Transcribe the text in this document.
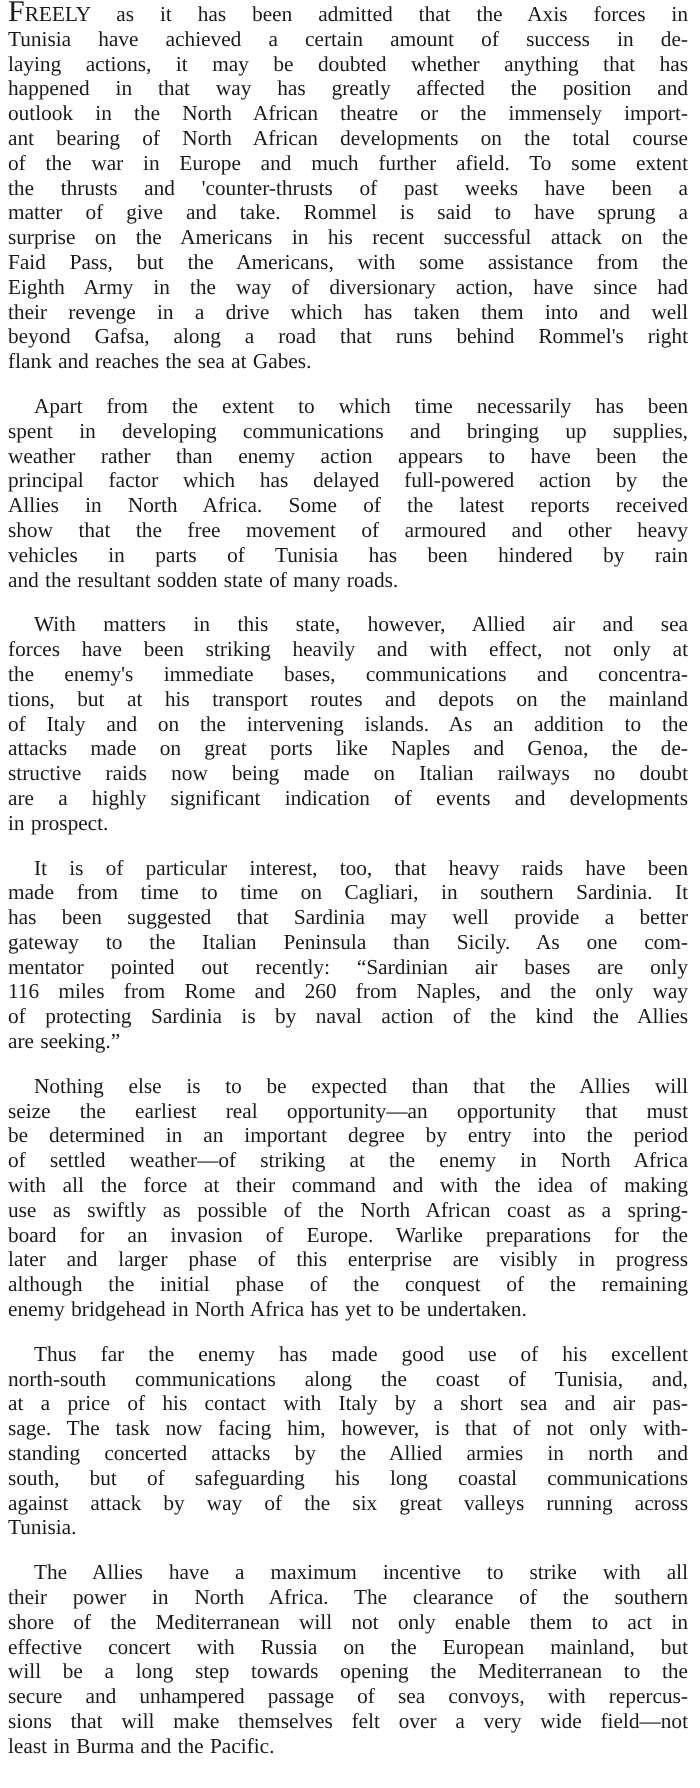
FREELY as it has been admitted that the Axis forces in
Tunisia have achieved a certain amount of success in de-
laying actions, it may be doubted whether anything that has
happened in that way has greatly affected the position and
outlook in the North African theatre or the immensely import-
ant bearing of North African developments on the total course
of the war in Europe and much further afield. To some extent
the thrusts and 'counter-thrusts of past weeks have been a
matter of give and take. Rommel is said to have sprung a
surprise on the Americans in his recent successful attack on the
Faid Pass, but the Americans, with some assistance from the
Eighth Army in the way of diversionary action, have since had
their revenge in a drive which has taken them into and well
beyond Gafsa, along a road that runs behind Rommel's right
flank and reaches the sea at Gabes.
Apart from the extent to which time necessarily has been
spent in developing communications and bringing up supplies,
weather rather than enemy action appears to have been the
principal factor which has delayed full-powered action by the
Allies in North Africa. Some of the latest reports received
show that the free movement of armoured and other heavy
vehicles in parts of Tunisia has been hindered by rain
and the resultant sodden state of many roads.
With matters in this state, however, Allied air and sea
forces have been striking heavily and with effect, not only at
the enemy's immediate bases, communications and concentra-
tions, but at his transport routes and depots on the mainland
of Italy and on the intervening islands. As an addition to the
attacks made on great ports like Naples and Genoa, the de-
structive raids now being made on Italian railways no doubt
are a highly significant indication of events and developments
in prospect.
It is of particular interest, too, that heavy raids have been
made from time to time on Cagliari, in southern Sardinia. It
has been suggested that Sardinia may well provide a better
gateway to the Italian Peninsula than Sicily. As one com-
mentator pointed out recently: “Sardinian air bases are only
116 miles from Rome and 260 from Naples, and the only way
of protecting Sardinia is by naval action of the kind the Allies
are seeking.”
Nothing else is to be expected than that the Allies will
seize the earliest real opportunity—an opportunity that must
be determined in an important degree by entry into the period
of settled weather—of striking at the enemy in North Africa
with all the force at their command and with the idea of making
use as swiftly as possible of the North African coast as a spring-
board for an invasion of Europe. Warlike preparations for the
later and larger phase of this enterprise are visibly in progress
although the initial phase of the conquest of the remaining
enemy bridgehead in North Africa has yet to be undertaken.
Thus far the enemy has made good use of his excellent
north-south communications along the coast of Tunisia, and,
at a price of his contact with Italy by a short sea and air pas-
sage. The task now facing him, however, is that of not only with-
standing concerted attacks by the Allied armies in north and
south, but of safeguarding his long coastal communications
against attack by way of the six great valleys running across
Tunisia.
The Allies have a maximum incentive to strike with all
their power in North Africa. The clearance of the southern
shore of the Mediterranean will not only enable them to act in
effective concert with Russia on the European mainland, but
will be a long step towards opening the Mediterranean to the
secure and unhampered passage of sea convoys, with repercus-
sions that will make themselves felt over a very wide field—not
least in Burma and the Pacific.
